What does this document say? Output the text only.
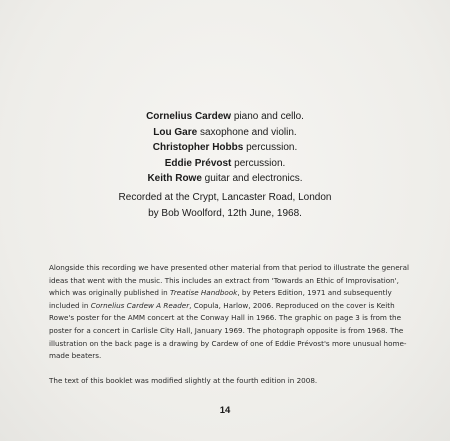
Cornelius Cardew piano and cello.
Lou Gare saxophone and violin.
Christopher Hobbs percussion.
Eddie Prévost percussion.
Keith Rowe guitar and electronics.
Recorded at the Crypt, Lancaster Road, London
by Bob Woolford, 12th June, 1968.

Alongside this recording we have presented other material from that period to illustrate the general ideas that went with the music. This includes an extract from 'Towards an Ethic of Improvisation', which was originally published in Treatise Handbook, by Peters Edition, 1971 and subsequently included in Cornelius Cardew A Reader, Copula, Harlow, 2006. Reproduced on the cover is Keith Rowe's poster for the AMM concert at the Conway Hall in 1966. The graphic on page 3 is from the poster for a concert in Carlisle City Hall, January 1969. The photograph opposite is from 1968. The illustration on the back page is a drawing by Cardew of one of Eddie Prévost's more unusual home-made beaters.

The text of this booklet was modified slightly at the fourth edition in 2008.

14
